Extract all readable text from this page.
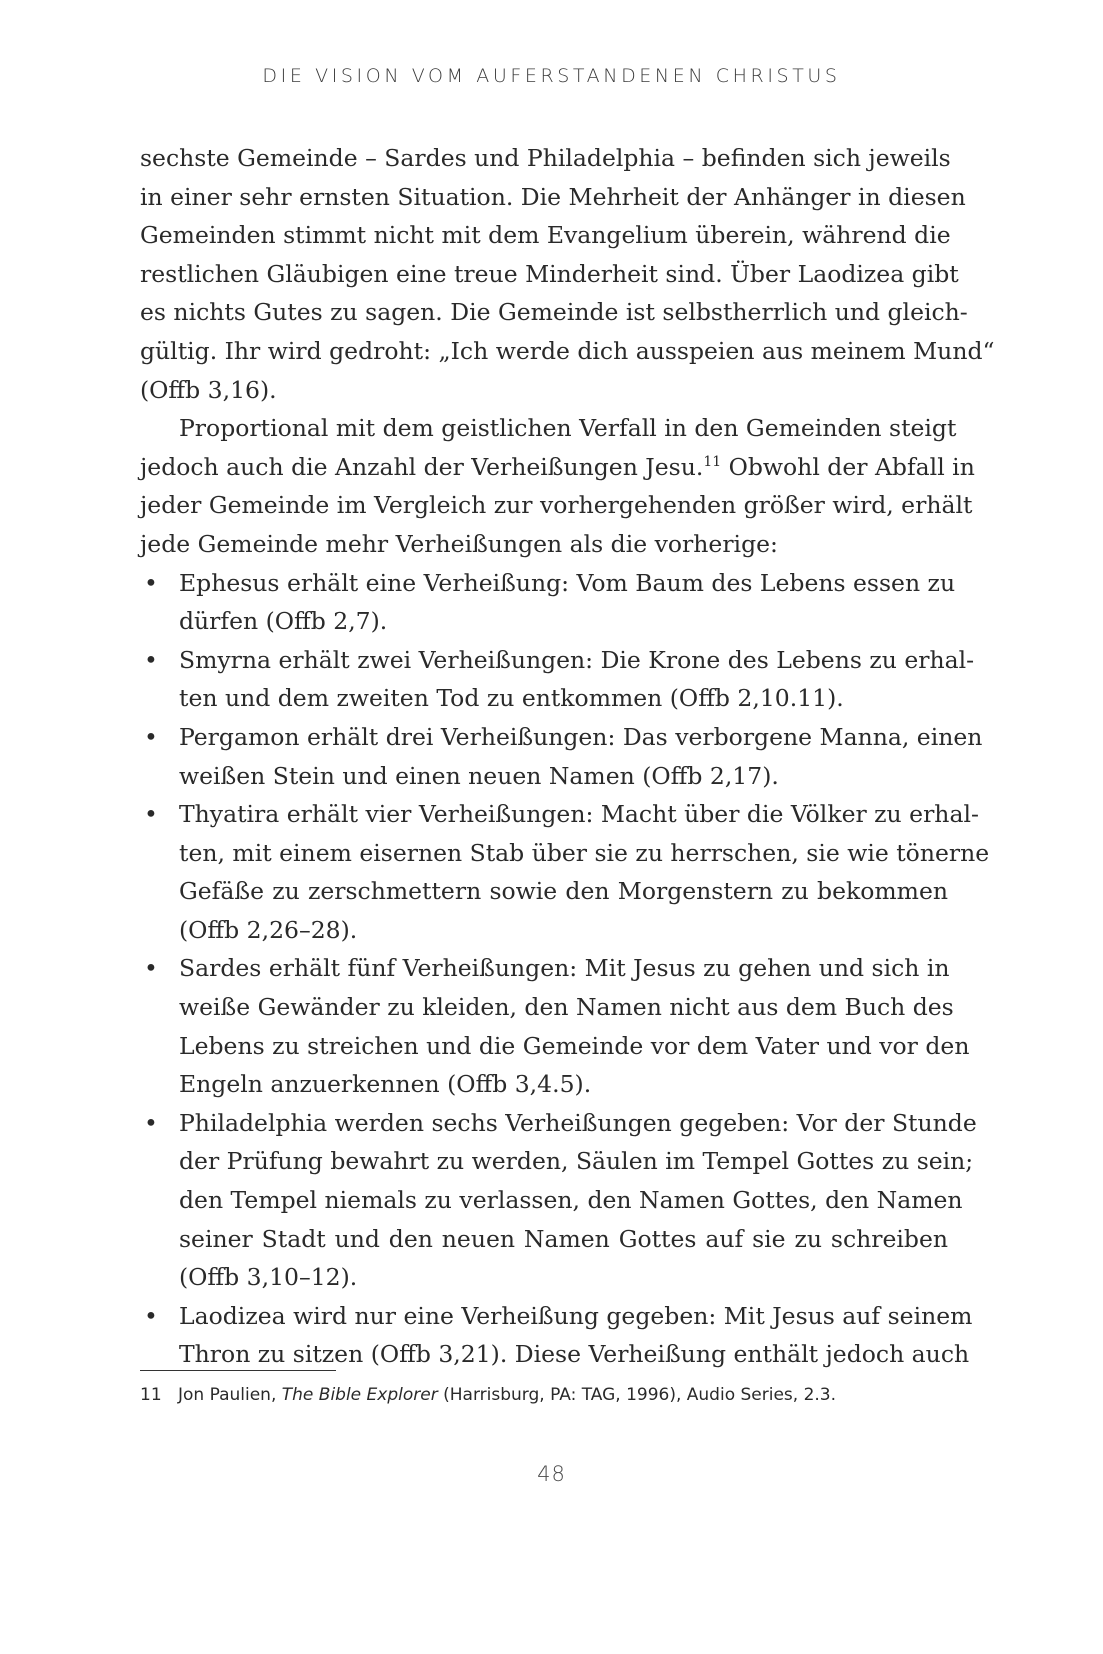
DIE VISION VOM AUFERSTANDENEN CHRISTUS

sechste Gemeinde – Sardes und Philadelphia – befinden sich jeweils
in einer sehr ernsten Situation. Die Mehrheit der Anhänger in diesen
Gemeinden stimmt nicht mit dem Evangelium überein, während die
restlichen Gläubigen eine treue Minderheit sind. Über Laodizea gibt
es nichts Gutes zu sagen. Die Gemeinde ist selbstherrlich und gleich-
gültig. Ihr wird gedroht: „Ich werde dich ausspeien aus meinem Mund“
(Offb 3,16).

Proportional mit dem geistlichen Verfall in den Gemeinden steigt
jedoch auch die Anzahl der Verheißungen Jesu.$^{11}$ Obwohl der Abfall in
jeder Gemeinde im Vergleich zur vorhergehenden größer wird, erhält
jede Gemeinde mehr Verheißungen als die vorherige:

• Ephesus erhält eine Verheißung: Vom Baum des Lebens essen zu
dürfen (Offb 2,7).
• Smyrna erhält zwei Verheißungen: Die Krone des Lebens zu erhal-
ten und dem zweiten Tod zu entkommen (Offb 2,10.11).
• Pergamon erhält drei Verheißungen: Das verborgene Manna, einen
weißen Stein und einen neuen Namen (Offb 2,17).
• Thyatira erhält vier Verheißungen: Macht über die Völker zu erhal-
ten, mit einem eisernen Stab über sie zu herrschen, sie wie tönerne
Gefäße zu zerschmettern sowie den Morgenstern zu bekommen
(Offb 2,26–28).
• Sardes erhält fünf Verheißungen: Mit Jesus zu gehen und sich in
weiße Gewänder zu kleiden, den Namen nicht aus dem Buch des
Lebens zu streichen und die Gemeinde vor dem Vater und vor den
Engeln anzuerkennen (Offb 3,4.5).
• Philadelphia werden sechs Verheißungen gegeben: Vor der Stunde
der Prüfung bewahrt zu werden, Säulen im Tempel Gottes zu sein;
den Tempel niemals zu verlassen, den Namen Gottes, den Namen
seiner Stadt und den neuen Namen Gottes auf sie zu schreiben
(Offb 3,10–12).
• Laodizea wird nur eine Verheißung gegeben: Mit Jesus auf seinem
Thron zu sitzen (Offb 3,21). Diese Verheißung enthält jedoch auch
11 Jon Paulien, The Bible Explorer (Harrisburg, PA: TAG, 1996), Audio Series, 2.3.
48
